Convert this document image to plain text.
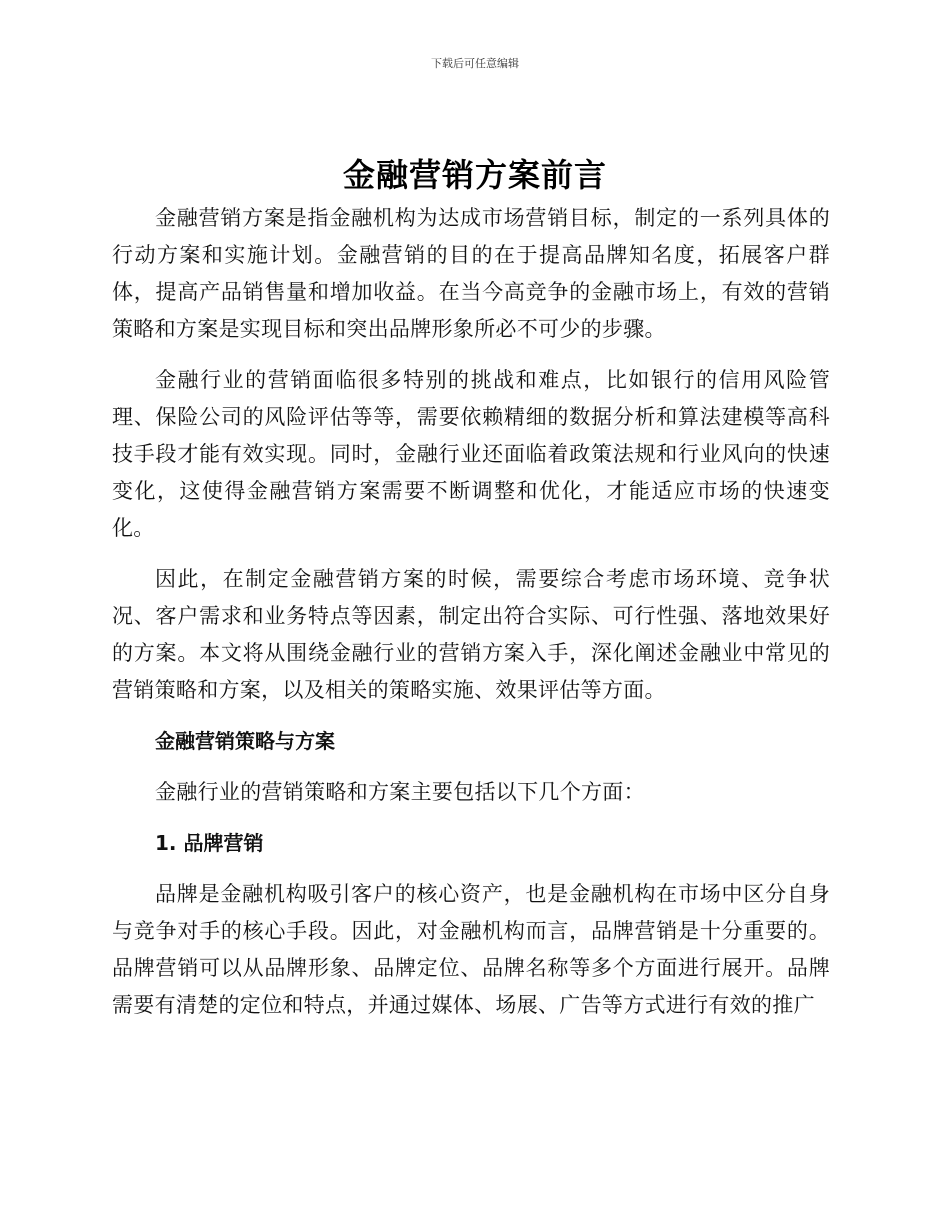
下载后可任意编辑
金融营销方案前言

金融营销方案是指金融机构为达成市场营销目标，制定的一系列具体的行动方案和实施计划。金融营销的目的在于提高品牌知名度，拓展客户群体，提高产品销售量和增加收益。在当今高竞争的金融市场上，有效的营销策略和方案是实现目标和突出品牌形象所必不可少的步骤。

金融行业的营销面临很多特别的挑战和难点，比如银行的信用风险管理、保险公司的风险评估等等，需要依赖精细的数据分析和算法建模等高科技手段才能有效实现。同时，金融行业还面临着政策法规和行业风向的快速变化，这使得金融营销方案需要不断调整和优化，才能适应市场的快速变化。

因此，在制定金融营销方案的时候，需要综合考虑市场环境、竞争状况、客户需求和业务特点等因素，制定出符合实际、可行性强、落地效果好的方案。本文将从围绕金融行业的营销方案入手，深化阐述金融业中常见的营销策略和方案，以及相关的策略实施、效果评估等方面。

金融营销策略与方案

金融行业的营销策略和方案主要包括以下几个方面：

1. 品牌营销

品牌是金融机构吸引客户的核心资产，也是金融机构在市场中区分自身与竞争对手的核心手段。因此，对金融机构而言，品牌营销是十分重要的。品牌营销可以从品牌形象、品牌定位、品牌名称等多个方面进行展开。品牌需要有清楚的定位和特点，并通过媒体、场展、广告等方式进行有效的推广
